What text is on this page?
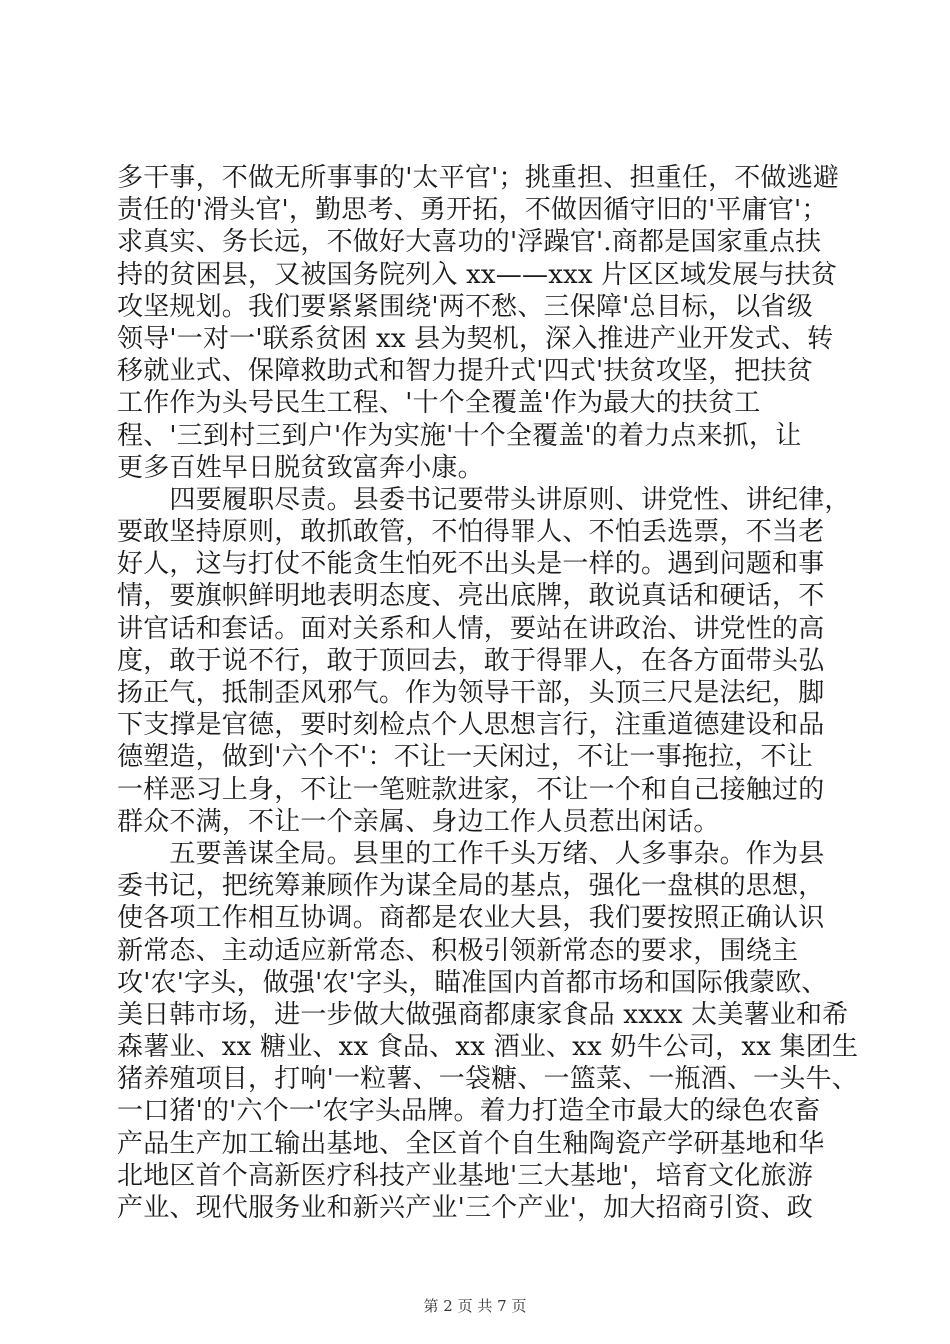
多干事，不做无所事事的'太平官'；挑重担、担重任，不做逃避
责任的'滑头官'，勤思考、勇开拓，不做因循守旧的'平庸官'；
求真实、务长远，不做好大喜功的'浮躁官'.商都是国家重点扶
持的贫困县，又被国务院列入 xx——xxx 片区区域发展与扶贫
攻坚规划。我们要紧紧围绕'两不愁、三保障'总目标，以省级
领导'一对一'联系贫困 xx 县为契机，深入推进产业开发式、转
移就业式、保障救助式和智力提升式'四式'扶贫攻坚，把扶贫
工作作为头号民生工程、'十个全覆盖'作为最大的扶贫工
程、'三到村三到户'作为实施'十个全覆盖'的着力点来抓，让
更多百姓早日脱贫致富奔小康。
　　四要履职尽责。县委书记要带头讲原则、讲党性、讲纪律，
要敢坚持原则，敢抓敢管，不怕得罪人、不怕丢选票，不当老
好人，这与打仗不能贪生怕死不出头是一样的。遇到问题和事
情，要旗帜鲜明地表明态度、亮出底牌，敢说真话和硬话，不
讲官话和套话。面对关系和人情，要站在讲政治、讲党性的高
度，敢于说不行，敢于顶回去，敢于得罪人，在各方面带头弘
扬正气，抵制歪风邪气。作为领导干部，头顶三尺是法纪，脚
下支撑是官德，要时刻检点个人思想言行，注重道德建设和品
德塑造，做到'六个不'：不让一天闲过，不让一事拖拉，不让
一样恶习上身，不让一笔赃款进家，不让一个和自己接触过的
群众不满，不让一个亲属、身边工作人员惹出闲话。
　　五要善谋全局。县里的工作千头万绪、人多事杂。作为县
委书记，把统筹兼顾作为谋全局的基点，强化一盘棋的思想，
使各项工作相互协调。商都是农业大县，我们要按照正确认识
新常态、主动适应新常态、积极引领新常态的要求，围绕主
攻'农'字头，做强'农'字头，瞄准国内首都市场和国际俄蒙欧、
美日韩市场，进一步做大做强商都康家食品 xxxx 太美薯业和希
森薯业、xx 糖业、xx 食品、xx 酒业、xx 奶牛公司，xx 集团生
猪养殖项目，打响'一粒薯、一袋糖、一篮菜、一瓶酒、一头牛、
一口猪'的'六个一'农字头品牌。着力打造全市最大的绿色农畜
产品生产加工输出基地、全区首个自生釉陶瓷产学研基地和华
北地区首个高新医疗科技产业基地'三大基地'，培育文化旅游
产业、现代服务业和新兴产业'三个产业'，加大招商引资、政
第 2 页 共 7 页
